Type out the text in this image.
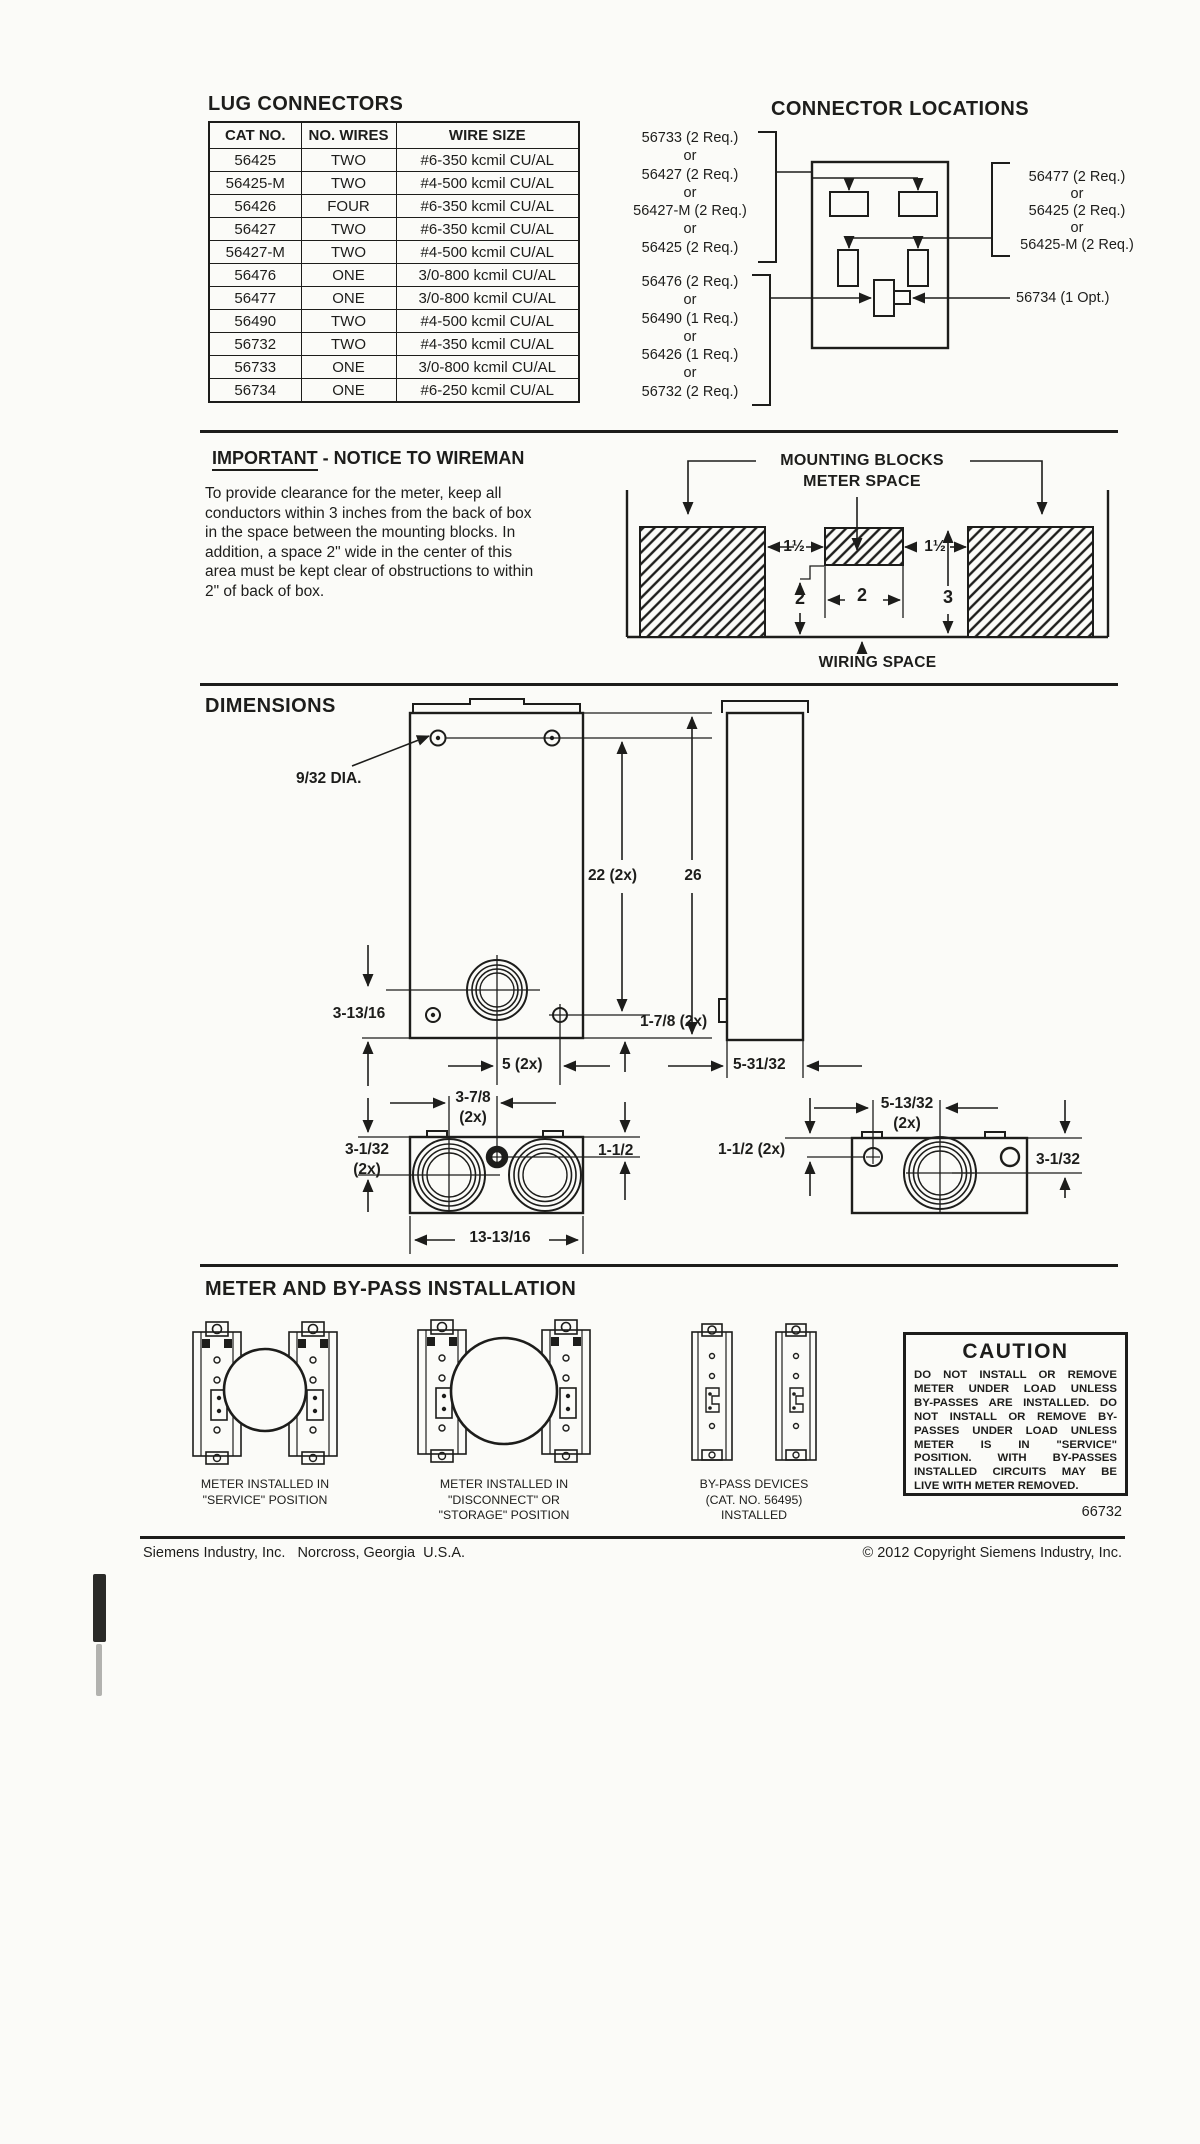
LUG CONNECTORS
CAT NO.	NO. WIRES	WIRE SIZE
56425	TWO	#6-350 kcmil CU/AL
56425-M	TWO	#4-500 kcmil CU/AL
56426	FOUR	#6-350 kcmil CU/AL
56427	TWO	#6-350 kcmil CU/AL
56427-M	TWO	#4-500 kcmil CU/AL
56476	ONE	3/0-800 kcmil CU/AL
56477	ONE	3/0-800 kcmil CU/AL
56490	TWO	#4-500 kcmil CU/AL
56732	TWO	#4-350 kcmil CU/AL
56733	ONE	3/0-800 kcmil CU/AL
56734	ONE	#6-250 kcmil CU/AL
CONNECTOR LOCATIONS
56733 (2 Req.)
or
56427 (2 Req.)
or
56427-M (2 Req.)
or
56425 (2 Req.)
56476 (2 Req.)
or
56490 (1 Req.)
or
56426 (1 Req.)
or
56732 (2 Req.)
56477 (2 Req.)
or
56425 (2 Req.)
or
56425-M (2 Req.)
56734 (1 Opt.)
IMPORTANT - NOTICE TO WIREMAN
To provide clearance for the meter, keep all
conductors within 3 inches from the back of box
in the space between the mounting blocks. In
addition, a space 2" wide in the center of this
area must be kept clear of obstructions to within
2" of back of box.
MOUNTING BLOCKS
METER SPACE
1½	1½
2
2	3
WIRING SPACE
DIMENSIONS
9/32 DIA.
22 (2x)	26
3-13/16	1-7/8 (2x)
5 (2x)	5-31/32
3-7/8
(2x)
3-1/32
(2x)
1-1/2
13-13/16
5-13/32
(2x)
1-1/2 (2x)
3-1/32
METER AND BY-PASS INSTALLATION
METER INSTALLED IN
"SERVICE" POSITION
METER INSTALLED IN
"DISCONNECT" OR
"STORAGE" POSITION
BY-PASS DEVICES
(CAT. NO. 56495)
INSTALLED
CAUTION
DO NOT INSTALL OR REMOVE
METER UNDER LOAD UNLESS
BY-PASSES ARE INSTALLED. DO
NOT INSTALL OR REMOVE BY-
PASSES UNDER LOAD UNLESS
METER IS IN "SERVICE"
POSITION. WITH BY-PASSES
INSTALLED CIRCUITS MAY BE
LIVE WITH METER REMOVED.
66732
Siemens Industry, Inc.   Norcross, Georgia  U.S.A.	© 2012 Copyright Siemens Industry, Inc.
